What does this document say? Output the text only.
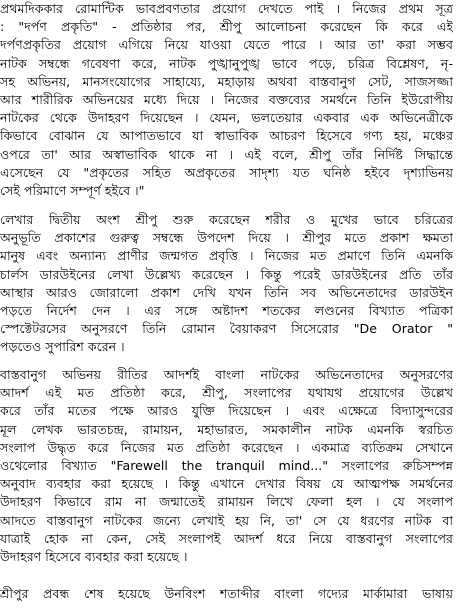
প্রথমদিককার রোমান্টিক ভাবপ্রবণতার প্রয়োগ দেখতে পাই । নিজের প্রথম সূত্র
: "দর্পণ প্রকৃতি" - প্রতিষ্ঠার পর, শ্রীপু আলোচনা করেছেন কি করে এই
দর্পণপ্রকৃতির প্রয়োগ এগিয়ে নিয়ে যাওয়া যেতে পারে । আর তা' করা সম্ভব
নাটক সম্বন্ধে গবেষণা করে, নাটক পুঙ্খানুপুঙ্খ ভাবে পড়ে, চরিত্র বিশ্লেষণ, নৃ-
সহ অভিনয়, মানসংযোগের সাহায্যে, মহাড়ায় অথবা বাস্তবানুগ সেট, সাজসজ্জা
আর শারীরিক অভিনয়ের মধ্যে দিয়ে । নিজের বক্তব্যের সমর্থনে তিনি ইউরোপীয়
নাটকের থেকে উদাহরণ দিয়েছেন । যেমন, ভলতেয়ার একবার এক অভিনেত্রীকে
কিভাবে বোঝান যে আপাতভাবে যা স্বাভাবিক আচরণ হিসেবে গণ্য হয়, মঞ্চের
ওপরে তা' আর অস্বাভাবিক থাকে না । এই বলে, শ্রীপু তাঁর নির্দিষ্ট সিদ্ধান্তে
এসেছেন যে "প্রকৃতের সহিত অপ্রকৃতের সাদৃশ্য যত ঘনিষ্ঠ হইবে দৃশ্যাভিনয়
সেই পরিমাণে সম্পূর্ণ হইবে ।"
লেখার দ্বিতীয় অংশ শ্রীপু শুরু করেছেন শরীর ও মুখের ভাবে চরিত্রের
অনুভূতি প্রকাশের গুরুত্ব সম্বন্ধে উপদেশ দিয়ে । শ্রীপুর মতে প্রকাশ ক্ষমতা
মানুষ এবং অন্যান্য প্রাণীর জন্মগত প্রবৃত্তি । নিজের মত প্রমাণে তিনি এমনকি
চার্লস ডারউইনের লেখা উল্লেখ্য করেছেন । কিন্তু পরেই ডারউইনের প্রতি তাঁর
আস্থার আরও জোরালো প্রকাশ দেখি যখন তিনি সব অভিনেতাদের ডারউইন
পড়তে নির্দেশ দেন । এর সঙ্গে অষ্টাদশ শতকের লণ্ডনের বিখ্যাত পত্রিকা
স্পেক্টেটরসের অনুসরণে তিনি রোমান বৈয়াকরণ সিসেরোর "De Orator "
পড়তেও সুপারিশ করেন ।
বাস্তবানুগ অভিনয় রীতির আদর্শই বাংলা নাটকের অভিনেতাদের অনুসরণের
আদর্শ এই মত প্রতিষ্ঠা করে, শ্রীপু, সংলাপের যথাযথ প্রয়োগের উল্লেখ
করে তাঁর মতের পক্ষে আরও যুক্তি দিয়েছেন । এবং এক্ষেত্রে বিদ্যাসুন্দরের
মূল লেখক ভারতচন্দ্র, রামায়ন, মহাভারত, সমকালীন নাটক এমনকি স্বরচিত
সংলাপ উদ্ধৃত করে নিজের মত প্রতিষ্ঠা করেছেন । একমাত্র ব্যতিক্রম সেখানে
ওথেলোর বিখ্যাত "Farewell the tranquil mind..." সংলাপের রুচিসম্পন্ন
অনুবাদ ব্যবহার করা হয়েছে । কিন্তু এখানে দেখার বিষয় যে আত্মপক্ষ সমর্থনের
উদাহরণ কিভাবে রাম না জন্মাতেই রামায়ন লিখে ফেলা হল । যে সংলাপ
আদতে বাস্তবানুগ নাটকের জন্যে লেখাই হয় নি, তা' সে যে ধরণের নাটক বা
যাত্রাই হোক না কেন, সেই সংলাপই আদর্শ ধরে নিয়ে বাস্তবানুগ সংলাপের
উদাহরণ হিসেবে ব্যবহার করা হয়েছে ।
শ্রীপুর প্রবন্ধ শেষ হয়েছে উনবিংশ শতাব্দীর বাংলা গদ্যের মার্কামারা ভাষায়
